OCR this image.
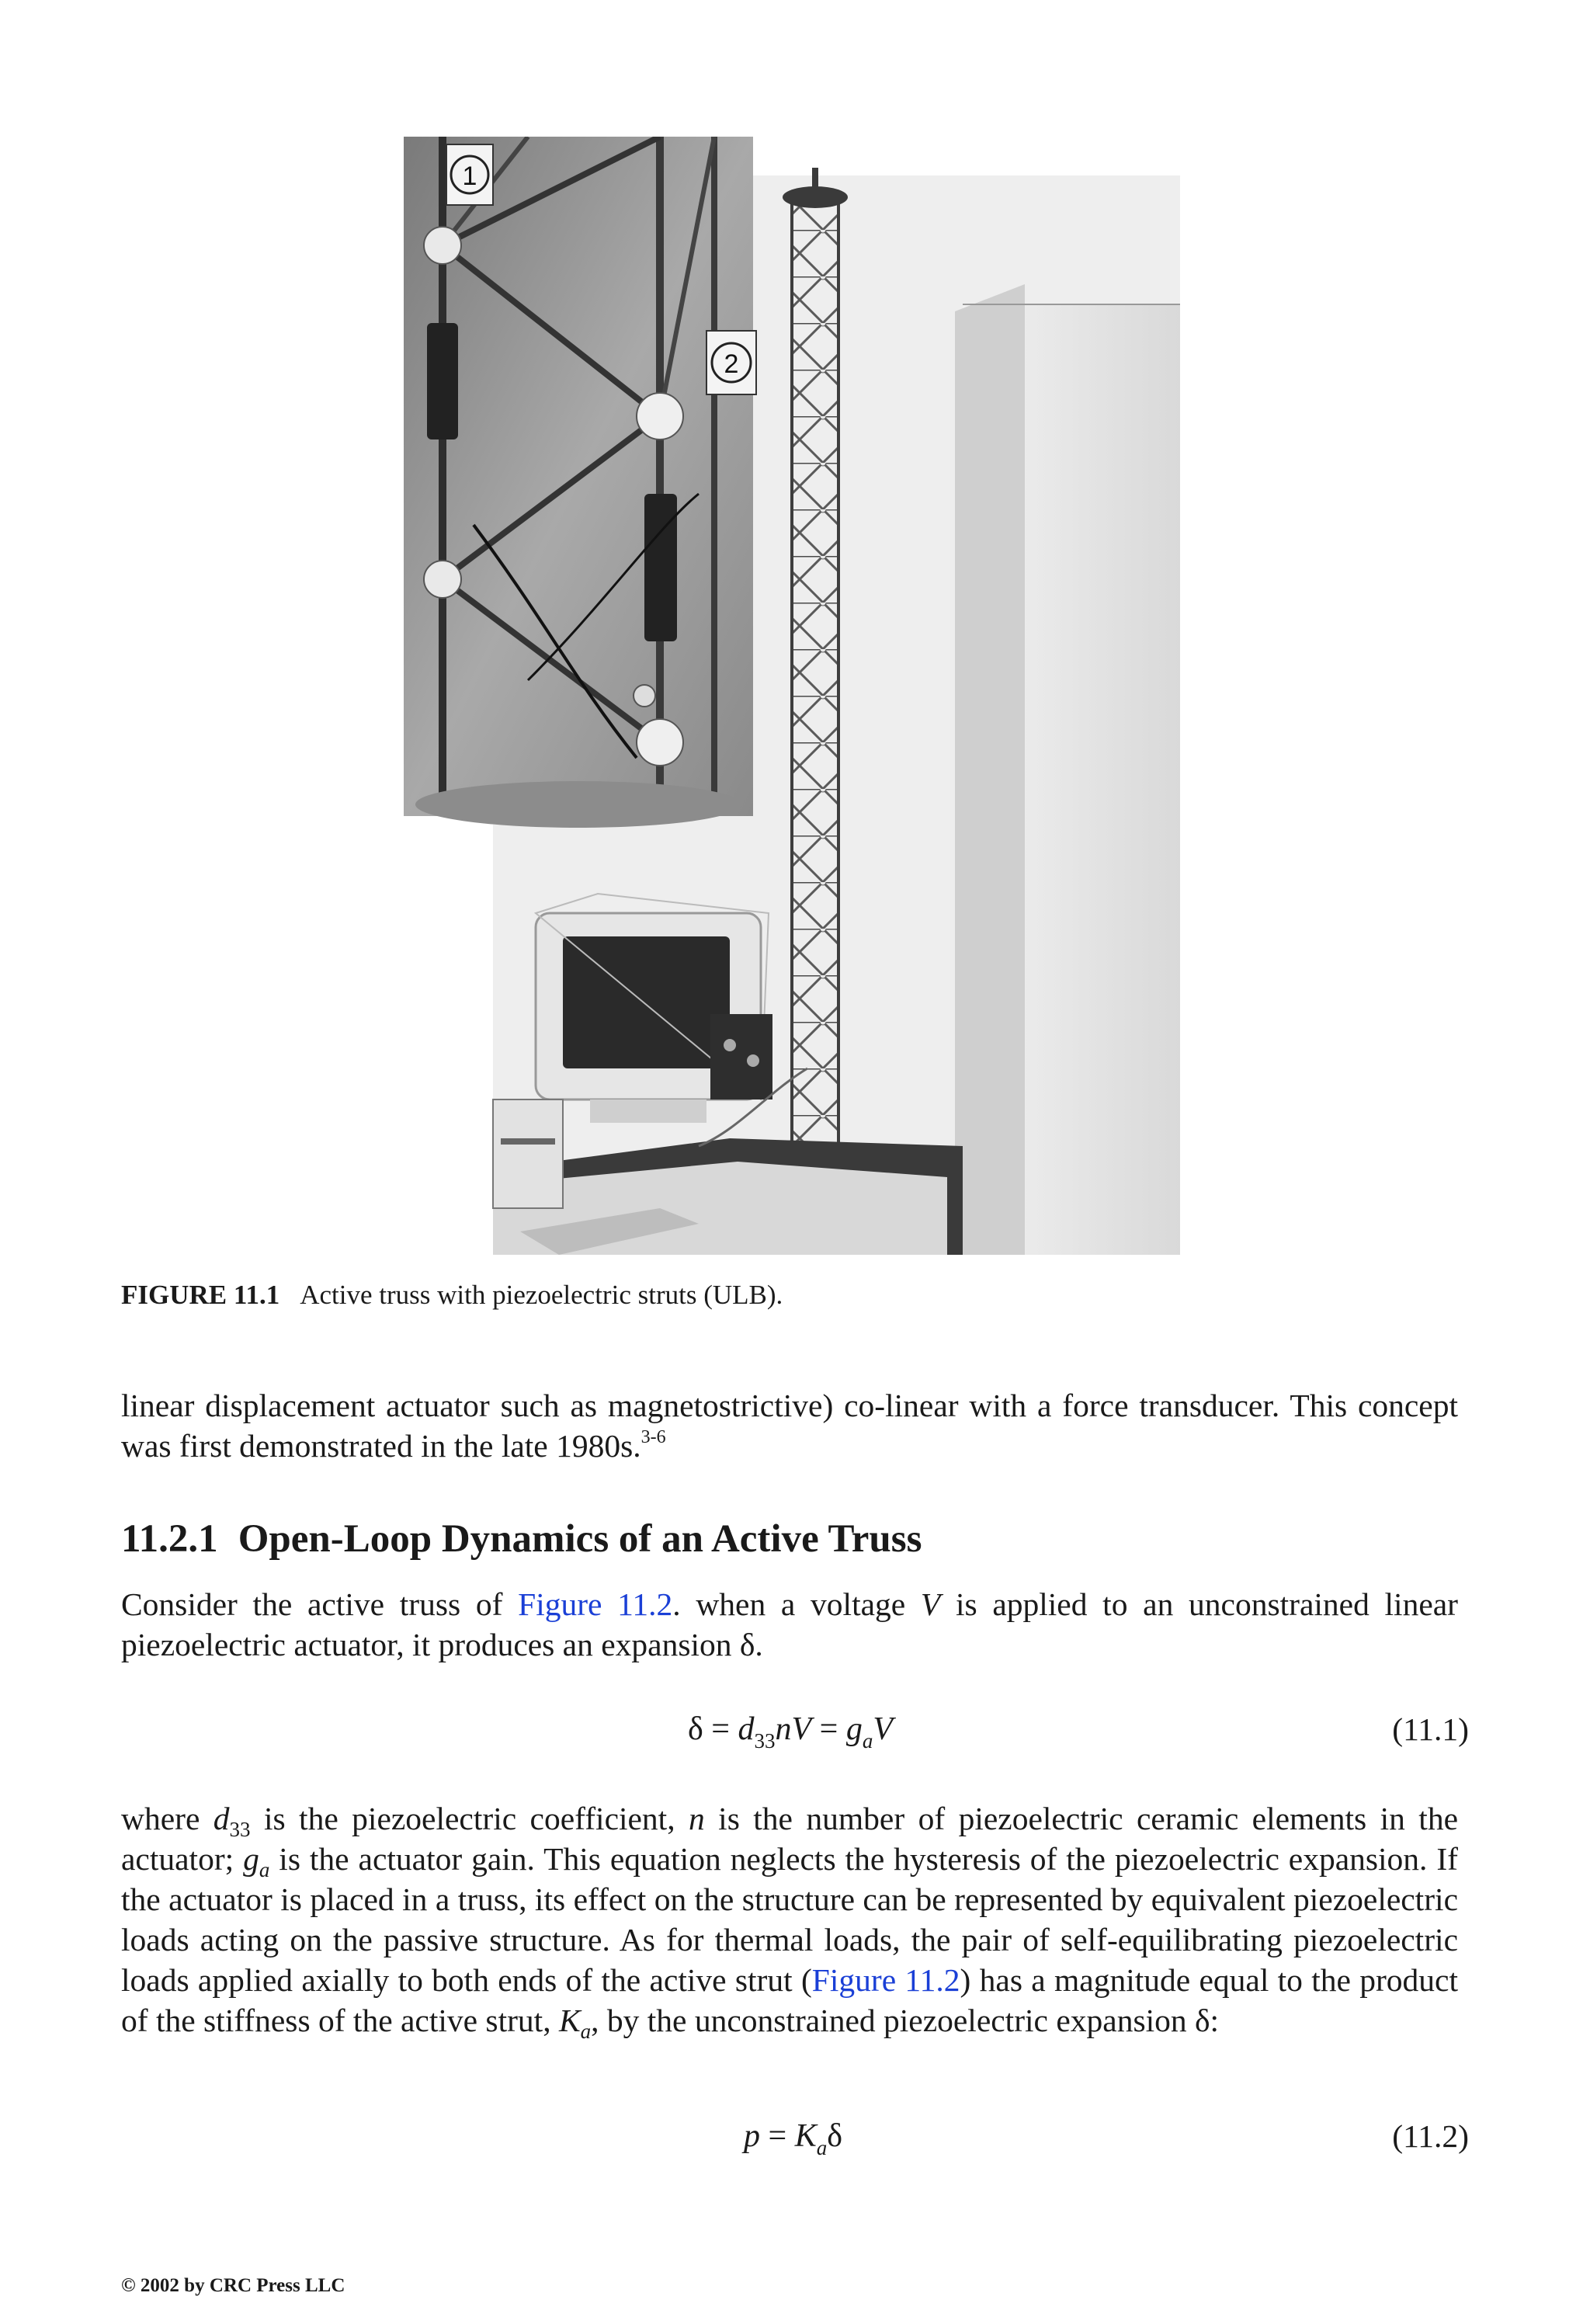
1
2
FIGURE 11.1 Active truss with piezoelectric struts (ULB).

linear displacement actuator such as magnetostrictive) co-linear with a force transducer. This concept was first demonstrated in the late 1980s.$^{3-6}$

11.2.1 Open-Loop Dynamics of an Active Truss

Consider the active truss of Figure 11.2. when a voltage V is applied to an unconstrained linear piezoelectric actuator, it produces an expansion δ.

$\delta = d_{33}nV = g_aV$	(11.1)

where $d_{33}$ is the piezoelectric coefficient, n is the number of piezoelectric ceramic elements in the actuator; $g_a$ is the actuator gain. This equation neglects the hysteresis of the piezoelectric expansion. If the actuator is placed in a truss, its effect on the structure can be represented by equivalent piezoelectric loads acting on the passive structure. As for thermal loads, the pair of self-equilibrating piezoelectric loads applied axially to both ends of the active strut (Figure 11.2) has a magnitude equal to the product of the stiffness of the active strut, $K_a$, by the unconstrained piezoelectric expansion δ:

$p = K_a\delta$	(11.2)
© 2002 by CRC Press LLC
